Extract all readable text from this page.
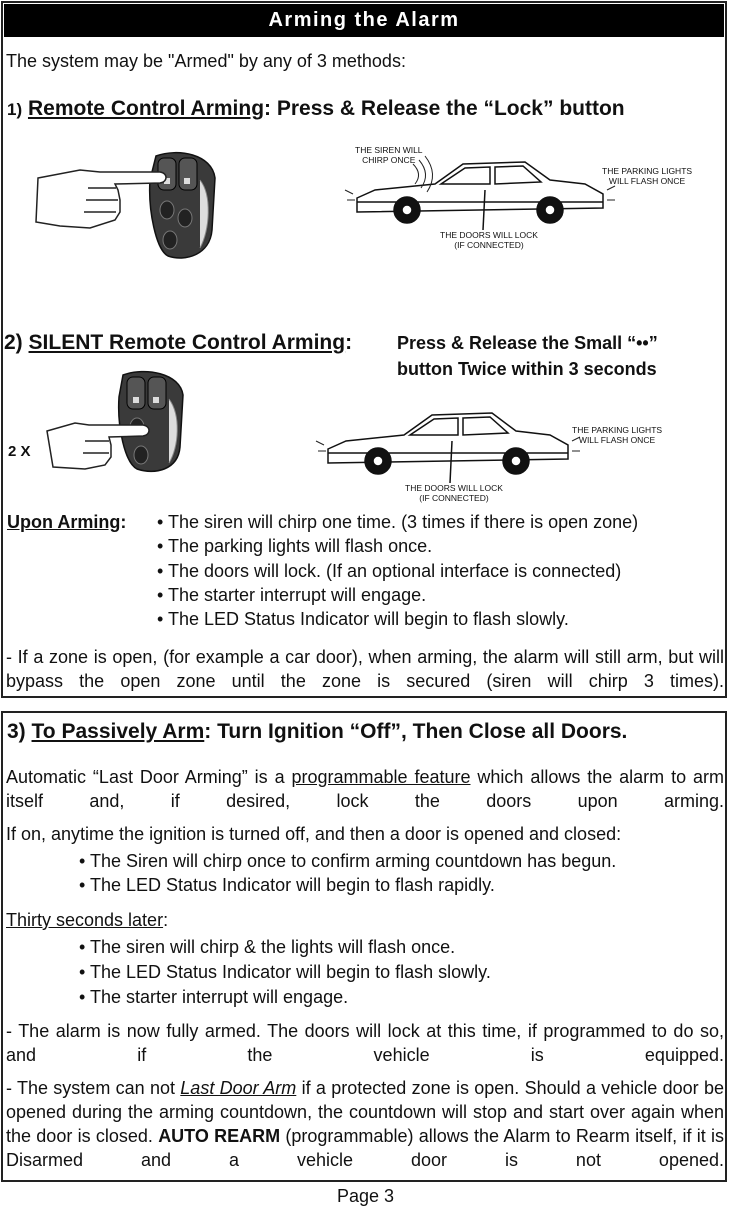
Arming the Alarm
The system may be "Armed" by any of 3 methods:
1) Remote Control Arming: Press & Release the “Lock” button
THE SIREN WILL
CHIRP ONCE
THE PARKING LIGHTS
WILL FLASH ONCE
THE DOORS WILL LOCK
(IF CONNECTED)
2) SILENT Remote Control Arming: Press & Release the Small “••”
button Twice within 3 seconds
2 X
THE PARKING LIGHTS
WILL FLASH ONCE
THE DOORS WILL LOCK
(IF CONNECTED)
Upon Arming: • The siren will chirp one time. (3 times if there is open zone)
• The parking lights will flash once.
• The doors will lock. (If an optional interface is connected)
• The starter interrupt will engage.
• The LED Status Indicator will begin to flash slowly.
- If a zone is open, (for example a car door), when arming, the alarm will still arm, but will bypass the open zone until the zone is secured (siren will chirp 3 times).
3) To Passively Arm: Turn Ignition “Off”, Then Close all Doors.
Automatic “Last Door Arming” is a programmable feature which allows the alarm to arm itself and, if desired, lock the doors upon arming.
If on, anytime the ignition is turned off, and then a door is opened and closed:
• The Siren will chirp once to confirm arming countdown has begun.
• The LED Status Indicator will begin to flash rapidly.
Thirty seconds later:
• The siren will chirp & the lights will flash once.
• The LED Status Indicator will begin to flash slowly.
• The starter interrupt will engage.
- The alarm is now fully armed. The doors will lock at this time, if programmed to do so, and if the vehicle is equipped.
- The system can not Last Door Arm if a protected zone is open. Should a vehicle door be opened during the arming countdown, the countdown will stop and start over again when the door is closed. AUTO REARM (programmable) allows the Alarm to Rearm itself, if it is Disarmed and a vehicle door is not opened.
Page 3
